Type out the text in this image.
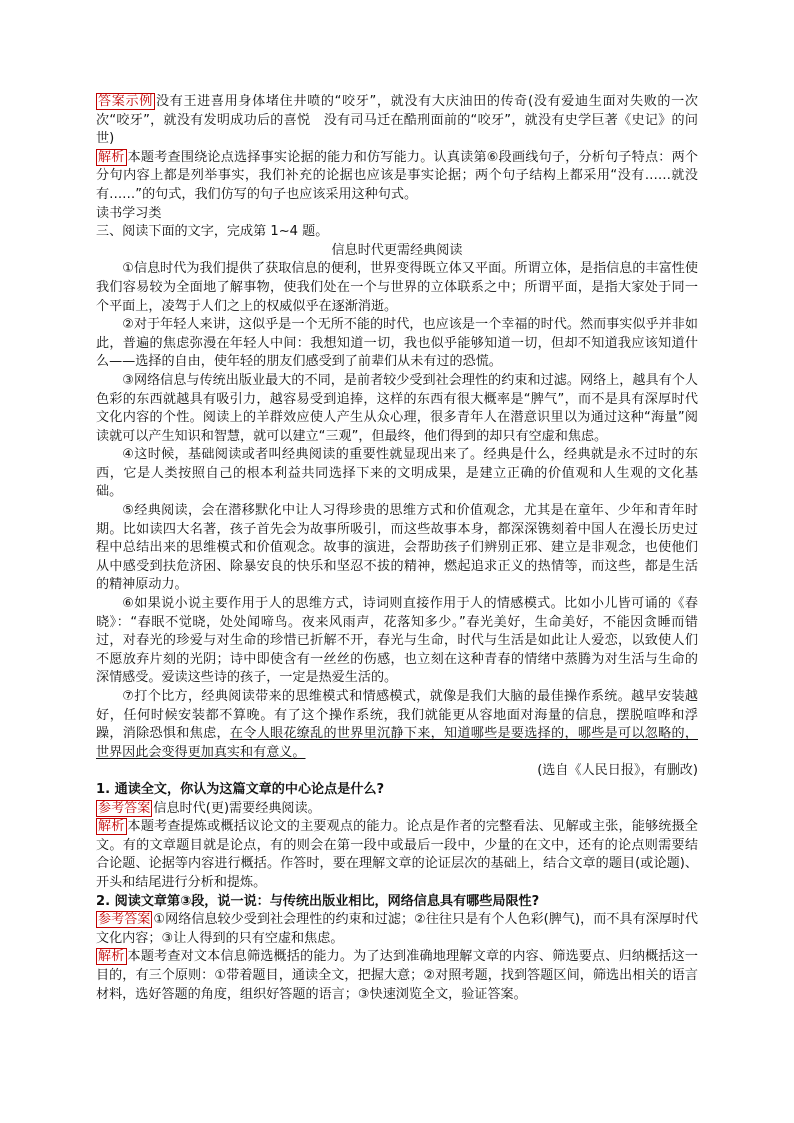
答案示例 没有王进喜用身体堵住井喷的“咬牙”，就没有大庆油田的传奇(没有爱迪生面对失败的一次次“咬牙”，就没有发明成功后的喜悦　没有司马迁在酷刑面前的“咬牙”，就没有史学巨著《史记》的问世)

解析 本题考查围绕论点选择事实论据的能力和仿写能力。认真读第⑥段画线句子，分析句子特点：两个分句内容上都是列举事实，我们补充的论据也应该是事实论据；两个句子结构上都采用“没有……就没有……”的句式，我们仿写的句子也应该采用这种句式。

读书学习类

三、阅读下面的文字，完成第 1~4 题。

信息时代更需经典阅读

①信息时代为我们提供了获取信息的便利，世界变得既立体又平面。所谓立体，是指信息的丰富性使我们容易较为全面地了解事物，使我们处在一个与世界的立体联系之中；所谓平面，是指大家处于同一个平面上，凌驾于人们之上的权威似乎在逐渐消逝。

②对于年轻人来讲，这似乎是一个无所不能的时代，也应该是一个幸福的时代。然而事实似乎并非如此，普遍的焦虑弥漫在年轻人中间：我想知道一切，我也似乎能够知道一切，但却不知道我应该知道什么——选择的自由，使年轻的朋友们感受到了前辈们从未有过的恐慌。

③网络信息与传统出版业最大的不同，是前者较少受到社会理性的约束和过滤。网络上，越具有个人色彩的东西就越具有吸引力，越容易受到追捧，这样的东西有很大概率是“脾气”，而不是具有深厚时代文化内容的个性。阅读上的羊群效应使人产生从众心理，很多青年人在潜意识里以为通过这种“海量”阅读就可以产生知识和智慧，就可以建立“三观”，但最终，他们得到的却只有空虚和焦虑。

④这时候，基础阅读或者叫经典阅读的重要性就显现出来了。经典是什么，经典就是永不过时的东西，它是人类按照自己的根本利益共同选择下来的文明成果，是建立正确的价值观和人生观的文化基础。

⑤经典阅读，会在潜移默化中让人习得珍贵的思维方式和价值观念，尤其是在童年、少年和青年时期。比如读四大名著，孩子首先会为故事所吸引，而这些故事本身，都深深镌刻着中国人在漫长历史过程中总结出来的思维模式和价值观念。故事的演进，会帮助孩子们辨别正邪、建立是非观念，也使他们从中感受到扶危济困、除暴安良的快乐和坚忍不拔的精神，燃起追求正义的热情等，而这些，都是生活的精神原动力。

⑥如果说小说主要作用于人的思维方式，诗词则直接作用于人的情感模式。比如小儿皆可诵的《春晓》：“春眠不觉晓，处处闻啼鸟。夜来风雨声，花落知多少。”春光美好，生命美好，不能因贪睡而错过，对春光的珍爱与对生命的珍惜已折解不开，春光与生命，时代与生活是如此让人爱恋，以致使人们不愿放弃片刻的光阴；诗中即使含有一丝丝的伤感，也立刻在这种青春的情绪中蒸腾为对生活与生命的深情感受。爱读这些诗的孩子，一定是热爱生活的。

⑦打个比方，经典阅读带来的思维模式和情感模式，就像是我们大脑的最佳操作系统。越早安装越好，任何时候安装都不算晚。有了这个操作系统，我们就能更从容地面对海量的信息，摆脱喧哗和浮躁，消除恐惧和焦虑，在令人眼花缭乱的世界里沉静下来，知道哪些是要选择的，哪些是可以忽略的，世界因此会变得更加真实和有意义。

(选自《人民日报》，有删改)

1. 通读全文，你认为这篇文章的中心论点是什么?

参考答案 信息时代(更)需要经典阅读。

解析 本题考查提炼或概括议论文的主要观点的能力。论点是作者的完整看法、见解或主张，能够统摄全文。有的文章题目就是论点，有的则会在第一段中或最后一段中，少量的在文中，还有的论点则需要结合论题、论据等内容进行概括。作答时，要在理解文章的论证层次的基础上，结合文章的题目(或论题)、开头和结尾进行分析和提炼。

2. 阅读文章第③段，说一说：与传统出版业相比，网络信息具有哪些局限性?

参考答案 ①网络信息较少受到社会理性的约束和过滤；②往往只是有个人色彩(脾气)，而不具有深厚时代文化内容；③让人得到的只有空虚和焦虑。

解析 本题考查对文本信息筛选概括的能力。为了达到准确地理解文章的内容、筛选要点、归纳概括这一目的，有三个原则：①带着题目，通读全文，把握大意；②对照考题，找到答题区间，筛选出相关的语言材料，选好答题的角度，组织好答题的语言；③快速浏览全文，验证答案。
